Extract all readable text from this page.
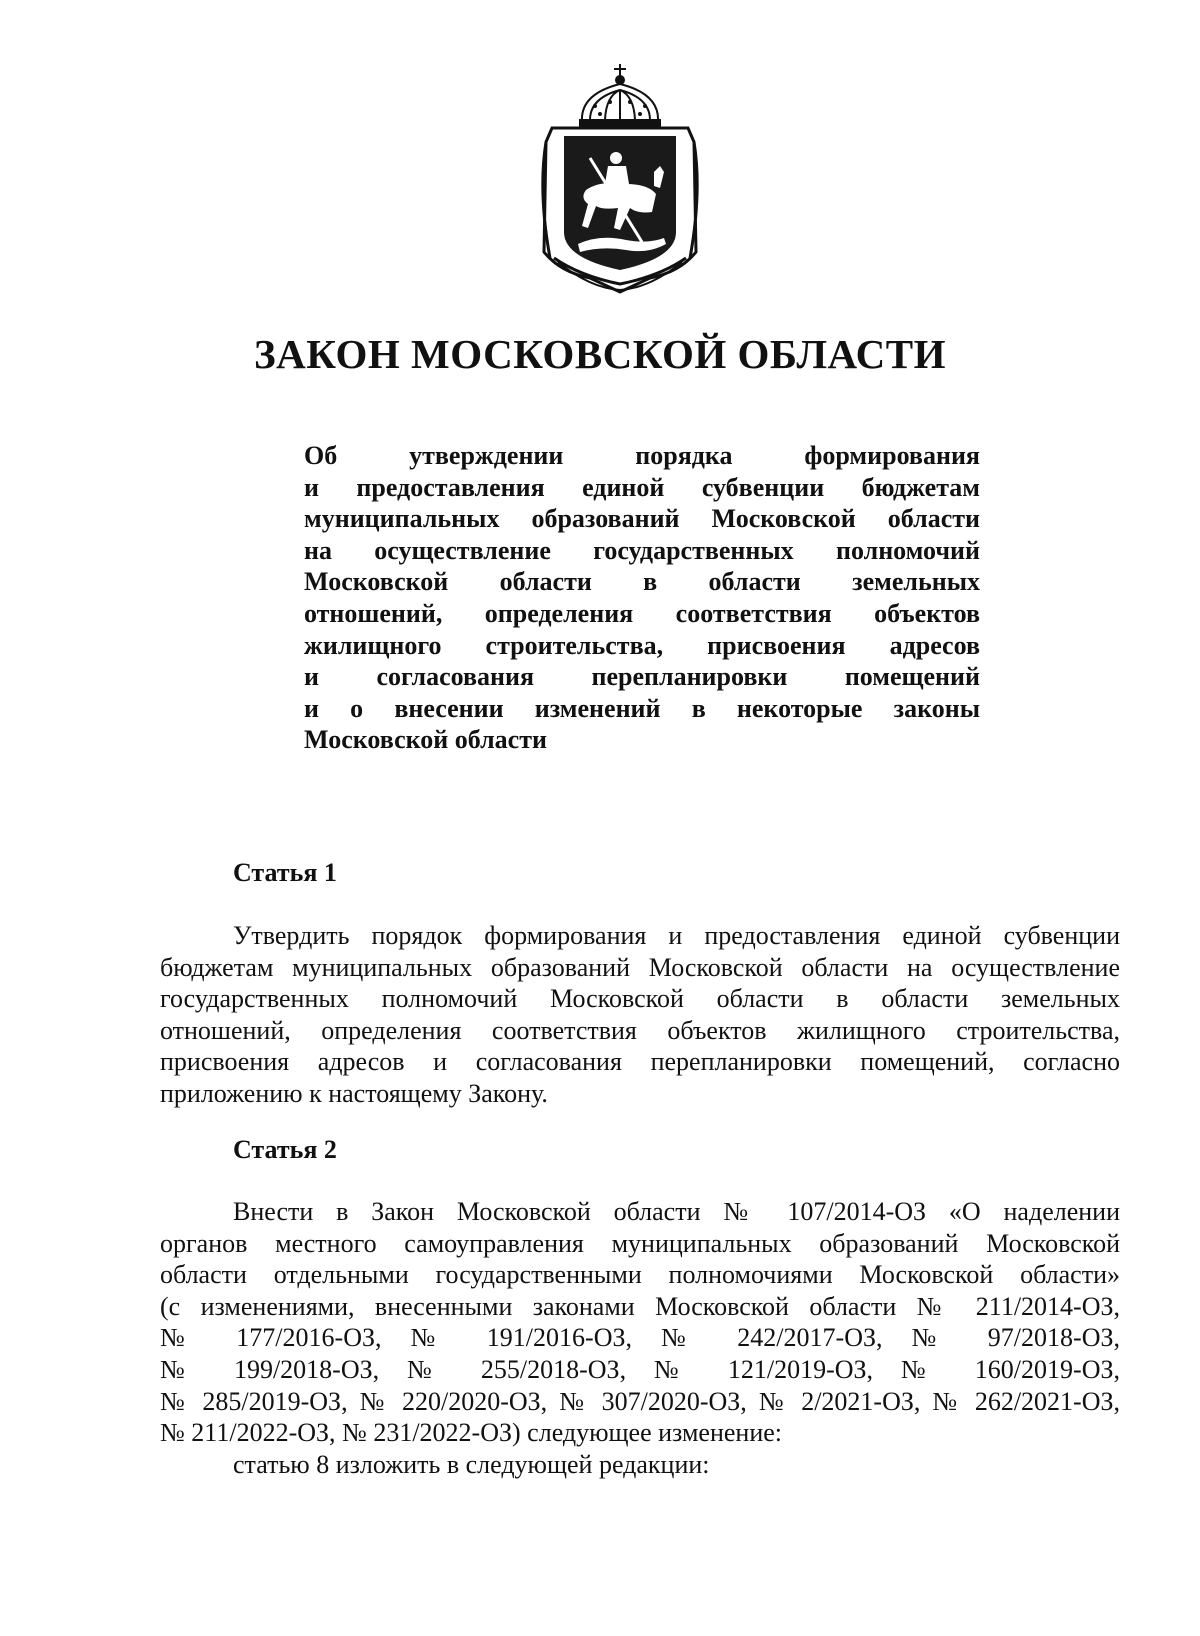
ЗАКОН МОСКОВСКОЙ ОБЛАСТИ
Об утверждении порядка формирования
и предоставления единой субвенции бюджетам
муниципальных образований Московской области
на осуществление государственных полномочий
Московской области в области земельных
отношений, определения соответствия объектов
жилищного строительства, присвоения адресов
и согласования перепланировки помещений
и о внесении изменений в некоторые законы
Московской области
Статья 1
Утвердить порядок формирования и предоставления единой субвенции
бюджетам муниципальных образований Московской области на осуществление
государственных полномочий Московской области в области земельных
отношений, определения соответствия объектов жилищного строительства,
присвоения адресов и согласования перепланировки помещений, согласно
приложению к настоящему Закону.
Статья 2
Внести в Закон Московской области № 107/2014-ОЗ «О наделении
органов местного самоуправления муниципальных образований Московской
области отдельными государственными полномочиями Московской области»
(с изменениями, внесенными законами Московской области № 211/2014-ОЗ,
№ 177/2016-ОЗ, № 191/2016-ОЗ, № 242/2017-ОЗ, № 97/2018-ОЗ,
№ 199/2018-ОЗ, № 255/2018-ОЗ, № 121/2019-ОЗ, № 160/2019-ОЗ,
№ 285/2019-ОЗ, № 220/2020-ОЗ, № 307/2020-ОЗ, № 2/2021-ОЗ, № 262/2021-ОЗ,
№ 211/2022-ОЗ, № 231/2022-ОЗ) следующее изменение:
статью 8 изложить в следующей редакции:
